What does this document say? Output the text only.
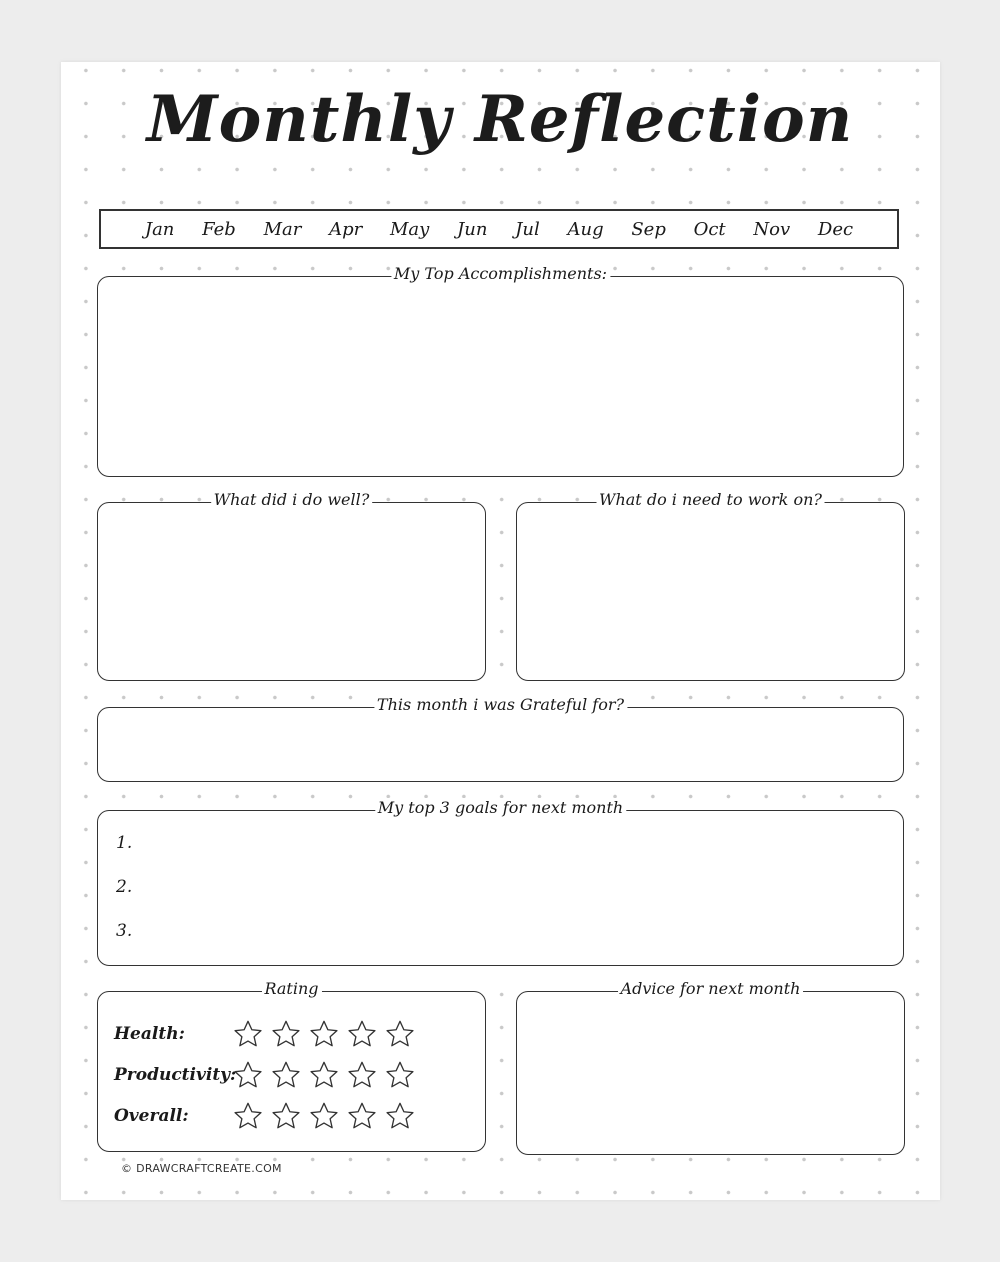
Monthly Reflection
Jan Feb Mar Apr May Jun Jul Aug Sep Oct Nov Dec
My Top Accomplishments:
What did i do well?	What do i need to work on?
This month i was Grateful for?
My top 3 goals for next month
1.
2.
3.
Rating
Health:
Productivity:
Overall:
Advice for next month
© DRAWCRAFTCREATE.COM
